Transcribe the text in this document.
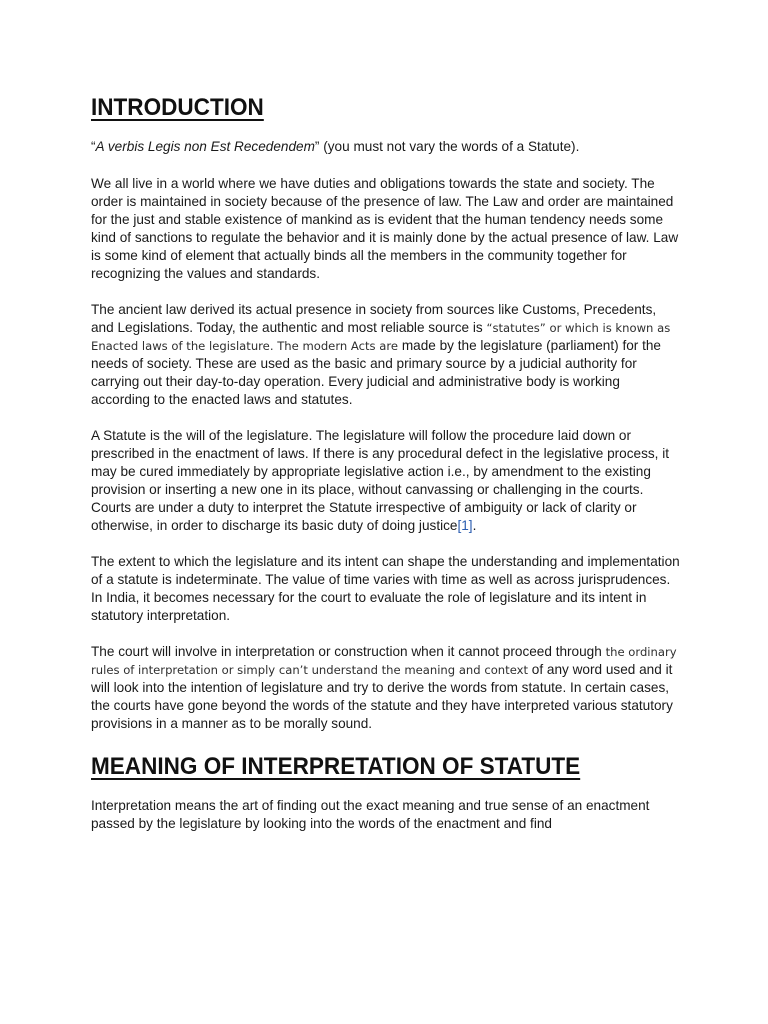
INTRODUCTION

“A verbis Legis non Est Recedendem” (you must not vary the words of a Statute).

We all live in a world where we have duties and obligations towards the state and society. The order is maintained in society because of the presence of law. The Law and order are maintained for the just and stable existence of mankind as is evident that the human tendency needs some kind of sanctions to regulate the behavior and it is mainly done by the actual presence of law. Law is some kind of element that actually binds all the members in the community together for recognizing the values and standards.

The ancient law derived its actual presence in society from sources like Customs, Precedents, and Legislations. Today, the authentic and most reliable source is “statutes” or which is known as Enacted laws of the legislature. The modern Acts are made by the legislature (parliament) for the needs of society. These are used as the basic and primary source by a judicial authority for carrying out their day-to-day operation. Every judicial and administrative body is working according to the enacted laws and statutes.

A Statute is the will of the legislature. The legislature will follow the procedure laid down or prescribed in the enactment of laws. If there is any procedural defect in the legislative process, it may be cured immediately by appropriate legislative action i.e., by amendment to the existing provision or inserting a new one in its place, without canvassing or challenging in the courts. Courts are under a duty to interpret the Statute irrespective of ambiguity or lack of clarity or otherwise, in order to discharge its basic duty of doing justice[1].

The extent to which the legislature and its intent can shape the understanding and implementation of a statute is indeterminate. The value of time varies with time as well as across jurisprudences. In India, it becomes necessary for the court to evaluate the role of legislature and its intent in statutory interpretation.

The court will involve in interpretation or construction when it cannot proceed through the ordinary rules of interpretation or simply can’t understand the meaning and context of any word used and it will look into the intention of legislature and try to derive the words from statute. In certain cases, the courts have gone beyond the words of the statute and they have interpreted various statutory provisions in a manner as to be morally sound.

MEANING OF INTERPRETATION OF STATUTE

Interpretation means the art of finding out the exact meaning and true sense of an enactment passed by the legislature by looking into the words of the enactment and find
